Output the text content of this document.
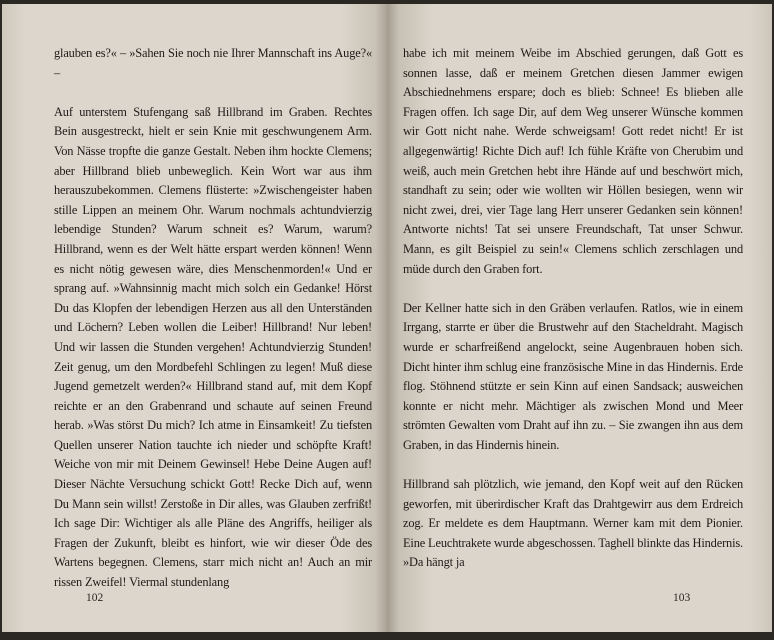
glauben es?« – »Sahen Sie noch nie Ihrer Mannschaft ins Auge?« –

Auf unterstem Stufengang saß Hillbrand im Graben. Rechtes Bein ausgestreckt, hielt er sein Knie mit geschwungenem Arm. Von Nässe tropfte die ganze Gestalt. Neben ihm hockte Clemens; aber Hillbrand blieb unbeweglich. Kein Wort war aus ihm herauszubekommen. Clemens flüsterte: »Zwischengeister haben stille Lippen an meinem Ohr. Warum nochmals achtundvierzig lebendige Stunden? Warum schneit es? Warum, warum? Hillbrand, wenn es der Welt hätte erspart werden können! Wenn es nicht nötig gewesen wäre, dies Menschenmorden!« Und er sprang auf. »Wahnsinnig macht mich solch ein Gedanke! Hörst Du das Klopfen der lebendigen Herzen aus all den Unterständen und Löchern? Leben wollen die Leiber! Hillbrand! Nur leben! Und wir lassen die Stunden vergehen! Achtundvierzig Stunden! Zeit genug, um den Mordbefehl Schlingen zu legen! Muß diese Jugend gemetzelt werden?« Hillbrand stand auf, mit dem Kopf reichte er an den Grabenrand und schaute auf seinen Freund herab. »Was störst Du mich? Ich atme in Einsamkeit! Zu tiefsten Quellen unserer Nation tauchte ich nieder und schöpfte Kraft! Weiche von mir mit Deinem Gewinsel! Hebe Deine Augen auf! Dieser Nächte Versuchung schickt Gott! Recke Dich auf, wenn Du Mann sein willst! Zerstoße in Dir alles, was Glauben zerfrißt! Ich sage Dir: Wichtiger als alle Pläne des Angriffs, heiliger als Fragen der Zukunft, bleibt es hinfort, wie wir dieser Öde des Wartens begegnen. Clemens, starr mich nicht an! Auch an mir rissen Zweifel! Viermal stundenlang

102

habe ich mit meinem Weibe im Abschied gerungen, daß Gott es sonnen lasse, daß er meinem Gretchen diesen Jammer ewigen Abschiednehmens erspare; doch es blieb: Schnee! Es blieben alle Fragen offen. Ich sage Dir, auf dem Weg unserer Wünsche kommen wir Gott nicht nahe. Werde schweigsam! Gott redet nicht! Er ist allgegenwärtig! Richte Dich auf! Ich fühle Kräfte von Cherubim und weiß, auch mein Gretchen hebt ihre Hände auf und beschwört mich, standhaft zu sein; oder wie wollten wir Höllen besiegen, wenn wir nicht zwei, drei, vier Tage lang Herr unserer Gedanken sein können! Antworte nichts! Tat sei unsere Freundschaft, Tat unser Schwur. Mann, es gilt Beispiel zu sein!« Clemens schlich zerschlagen und müde durch den Graben fort.

Der Kellner hatte sich in den Gräben verlaufen. Ratlos, wie in einem Irrgang, starrte er über die Brustwehr auf den Stacheldraht. Magisch wurde er scharfreißend angelockt, seine Augenbrauen hoben sich. Dicht hinter ihm schlug eine französische Mine in das Hindernis. Erde flog. Stöhnend stützte er sein Kinn auf einen Sandsack; ausweichen konnte er nicht mehr. Mächtiger als zwischen Mond und Meer strömten Gewalten vom Draht auf ihn zu. – Sie zwangen ihn aus dem Graben, in das Hindernis hinein.

Hillbrand sah plötzlich, wie jemand, den Kopf weit auf den Rücken geworfen, mit überirdischer Kraft das Drahtgewirr aus dem Erdreich zog. Er meldete es dem Hauptmann. Werner kam mit dem Pionier. Eine Leuchtrakete wurde abgeschossen. Taghell blinkte das Hindernis. »Da hängt ja

103
